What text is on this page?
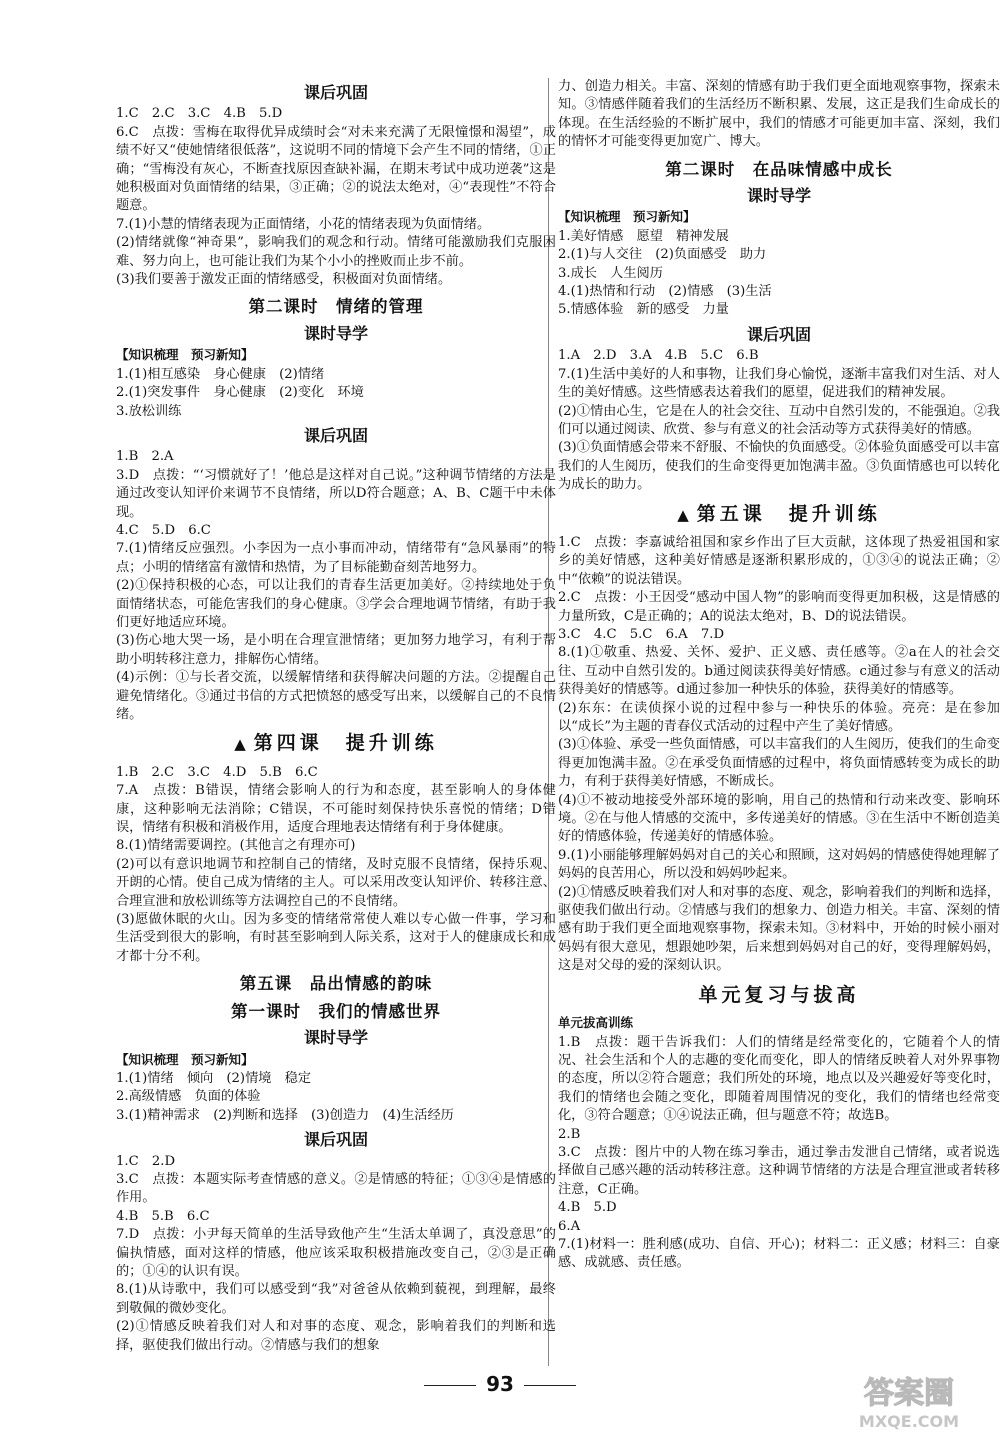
课后巩固
1.C　2.C　3.C　4.B　5.D
6.C　点拨：雪梅在取得优异成绩时会“对未来充满了无限憧憬和渴望”，成绩不好又“使她情绪很低落”，这说明不同的情境下会产生不同的情绪，①正确；“雪梅没有灰心，不断查找原因查缺补漏，在期末考试中成功逆袭”这是她积极面对负面情绪的结果，③正确；②的说法太绝对，④“表现性”不符合题意。
7.(1)小慧的情绪表现为正面情绪，小花的情绪表现为负面情绪。
(2)情绪就像“神奇果”，影响我们的观念和行动。情绪可能激励我们克服困难、努力向上，也可能让我们为某个小小的挫败而止步不前。
(3)我们要善于激发正面的情绪感受，积极面对负面情绪。
第二课时　情绪的管理
课时导学
【知识梳理　预习新知】
1.(1)相互感染　身心健康　(2)情绪
2.(1)突发事件　身心健康　(2)变化　环境
3.放松训练
课后巩固
1.B　2.A
3.D　点拨：“‘习惯就好了！’他总是这样对自己说。”这种调节情绪的方法是通过改变认知评价来调节不良情绪，所以D符合题意；A、B、C题干中未体现。
4.C　5.D　6.C
7.(1)情绪反应强烈。小李因为一点小事而冲动，情绪带有“急风暴雨”的特点；小明的情绪富有激情和热情，为了目标能勤奋刻苦地努力。
(2)①保持积极的心态，可以让我们的青春生活更加美好。②持续地处于负面情绪状态，可能危害我们的身心健康。③学会合理地调节情绪，有助于我们更好地适应环境。
(3)伤心地大哭一场，是小明在合理宣泄情绪；更加努力地学习，有利于帮助小明转移注意力，排解伤心情绪。
(4)示例：①与长者交流，以缓解情绪和获得解决问题的方法。②提醒自己避免情绪化。③通过书信的方式把愤怒的感受写出来，以缓解自己的不良情绪。
▲ 第四课　提升训练
1.B　2.C　3.C　4.D　5.B　6.C
7.A　点拨：B错误，情绪会影响人的行为和态度，甚至影响人的身体健康，这种影响无法消除；C错误，不可能时刻保持快乐喜悦的情绪；D错误，情绪有积极和消极作用，适度合理地表达情绪有利于身体健康。
8.(1)情绪需要调控。(其他言之有理亦可)
(2)可以有意识地调节和控制自己的情绪，及时克服不良情绪，保持乐观、开朗的心情。使自己成为情绪的主人。可以采用改变认知评价、转移注意、合理宣泄和放松训练等方法调控自己的不良情绪。
(3)愿做休眠的火山。因为多变的情绪常常使人难以专心做一件事，学习和生活受到很大的影响，有时甚至影响到人际关系，这对于人的健康成长和成才都十分不利。
第五课　品出情感的韵味
第一课时　我们的情感世界
课时导学
【知识梳理　预习新知】
1.(1)情绪　倾向　(2)情境　稳定
2.高级情感　负面的体验
3.(1)精神需求　(2)判断和选择　(3)创造力　(4)生活经历
课后巩固
1.C　2.D
3.C　点拨：本题实际考查情感的意义。②是情感的特征；①③④是情感的作用。
4.B　5.B　6.C
7.D　点拨：小尹每天简单的生活导致他产生“生活太单调了，真没意思”的偏执情感，面对这样的情感，他应该采取积极措施改变自己，②③是正确的；①④的认识有误。
8.(1)从诗歌中，我们可以感受到“我”对爸爸从依赖到藐视，到理解，最终到敬佩的微妙变化。
(2)①情感反映着我们对人和对事的态度、观念，影响着我们的判断和选择，驱使我们做出行动。②情感与我们的想象
力、创造力相关。丰富、深刻的情感有助于我们更全面地观察事物，探索未知。③情感伴随着我们的生活经历不断积累、发展，这正是我们生命成长的体现。在生活经验的不断扩展中，我们的情感才可能更加丰富、深刻，我们的情怀才可能变得更加宽广、博大。
第二课时　在品味情感中成长
课时导学
【知识梳理　预习新知】
1.美好情感　愿望　精神发展
2.(1)与人交往　(2)负面感受　助力
3.成长　人生阅历
4.(1)热情和行动　(2)情感　(3)生活
5.情感体验　新的感受　力量
课后巩固
1.A　2.D　3.A　4.B　5.C　6.B
7.(1)生活中美好的人和事物，让我们身心愉悦，逐渐丰富我们对生活、对人生的美好情感。这些情感表达着我们的愿望，促进我们的精神发展。
(2)①情由心生，它是在人的社会交往、互动中自然引发的，不能强迫。②我们可以通过阅读、欣赏、参与有意义的社会活动等方式获得美好的情感。
(3)①负面情感会带来不舒服、不愉快的负面感受。②体验负面感受可以丰富我们的人生阅历，使我们的生命变得更加饱满丰盈。③负面情感也可以转化为成长的助力。
▲ 第五课　提升训练
1.C　点拨：李嘉诚给祖国和家乡作出了巨大贡献，这体现了热爱祖国和家乡的美好情感，这种美好情感是逐渐积累形成的，①③④的说法正确；②中“依赖”的说法错误。
2.C　点拨：小王因受“感动中国人物”的影响而变得更加积极，这是情感的力量所致，C是正确的；A的说法太绝对，B、D的说法错误。
3.C　4.C　5.C　6.A　7.D
8.(1)①敬重、热爱、关怀、爱护、正义感、责任感等。②a在人的社会交往、互动中自然引发的。b通过阅读获得美好情感。c通过参与有意义的活动获得美好的情感等。d通过参加一种快乐的体验，获得美好的情感等。
(2)东东：在读侦探小说的过程中参与一种快乐的体验。亮亮：是在参加以“成长”为主题的青春仪式活动的过程中产生了美好情感。
(3)①体验、承受一些负面情感，可以丰富我们的人生阅历，使我们的生命变得更加饱满丰盈。②在承受负面情感的过程中，将负面情感转变为成长的助力，有利于获得美好情感，不断成长。
(4)①不被动地接受外部环境的影响，用自己的热情和行动来改变、影响环境。②在与他人情感的交流中，多传递美好的情感。③在生活中不断创造美好的情感体验，传递美好的情感体验。
9.(1)小丽能够理解妈妈对自己的关心和照顾，这对妈妈的情感使得她理解了妈妈的良苦用心，所以没和妈妈吵起来。
(2)①情感反映着我们对人和对事的态度、观念，影响着我们的判断和选择，驱使我们做出行动。②情感与我们的想象力、创造力相关。丰富、深刻的情感有助于我们更全面地观察事物，探索未知。③材料中，开始的时候小丽对妈妈有很大意见，想跟她吵架，后来想到妈妈对自己的好，变得理解妈妈，这是对父母的爱的深刻认识。
单元复习与拔高
单元拔高训练
1.B　点拨：题干告诉我们：人们的情绪是经常变化的，它随着个人的情况、社会生活和个人的志趣的变化而变化，即人的情绪反映着人对外界事物的态度，所以②符合题意；我们所处的环境，地点以及兴趣爱好等变化时，我们的情绪也会随之变化，即随着周围情况的变化，我们的情绪也经常变化，③符合题意；①④说法正确，但与题意不符；故选B。
2.B
3.C　点拨：图片中的人物在练习拳击，通过拳击发泄自己情绪，或者说选择做自己感兴趣的活动转移注意。这种调节情绪的方法是合理宣泄或者转移注意，C正确。
4.B　5.D
6.A
7.(1)材料一：胜利感(成功、自信、开心)；材料二：正义感；材料三：自豪感、成就感、责任感。
93	答案圈
MXQE.COM
